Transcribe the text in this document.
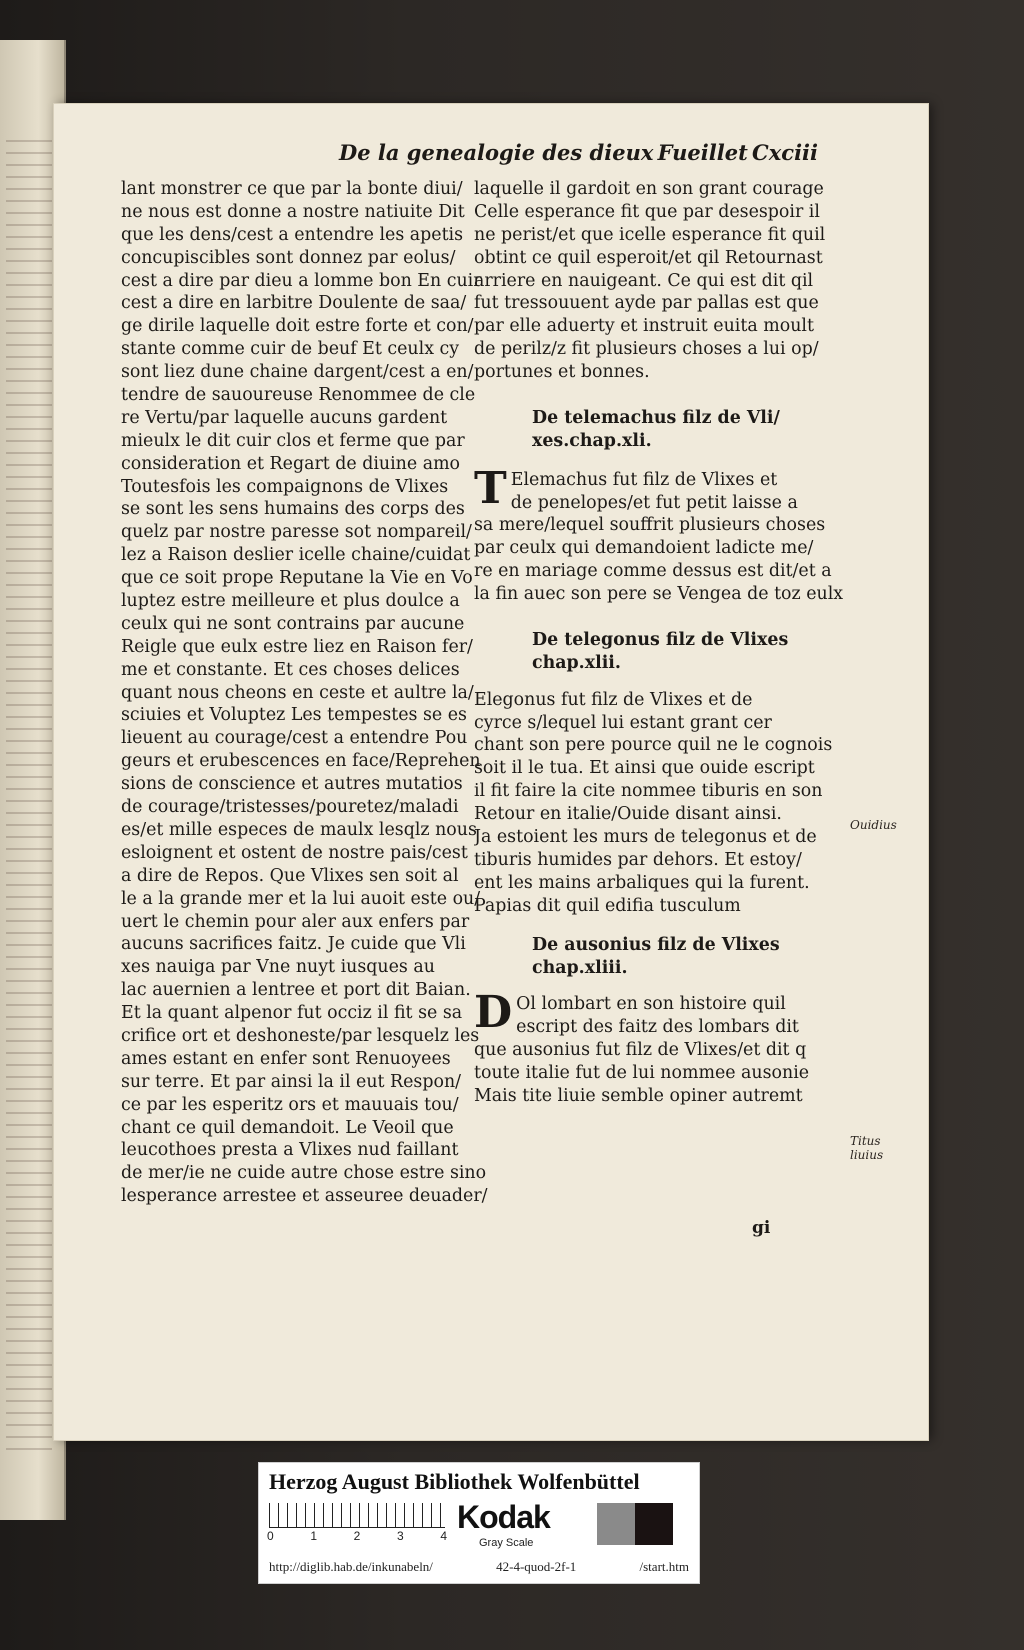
De la genealogie des dieux Fueillet Cxciii
lant monstrer ce que par la bonte diui/
ne nous est donne a nostre natiuite Dit
que les dens/cest a entendre les apetis
concupiscibles sont donnez par eolus/
cest a dire par dieu a lomme bon En cuir
cest a dire en larbitre Doulente de saa/
ge dirile laquelle doit estre forte et con/
stante comme cuir de beuf Et ceulx cy
sont liez dune chaine dargent/cest a en/
tendre de sauoureuse Renommee de cle
re Vertu/par laquelle aucuns gardent
mieulx le dit cuir clos et ferme que par
consideration et Regart de diuine amo
Toutesfois les compaignons de Vlixes
se sont les sens humains des corps des
quelz par nostre paresse sot nompareil/
lez a Raison deslier icelle chaine/cuidat
que ce soit prope Reputane la Vie en Vo
luptez estre meilleure et plus doulce a
ceulx qui ne sont contrains par aucune
Reigle que eulx estre liez en Raison fer/
me et constante. Et ces choses delices
quant nous cheons en ceste et aultre la/
sciuies et Voluptez Les tempestes se es
lieuent au courage/cest a entendre Pou
geurs et erubescences en face/Reprehen
sions de conscience et autres mutatios
de courage/tristesses/pouretez/maladi
es/et mille especes de maulx lesqlz nous
esloignent et ostent de nostre pais/cest
a dire de Repos. Que Vlixes sen soit al
le a la grande mer et la lui auoit este ou/
uert le chemin pour aler aux enfers par
aucuns sacrifices faitz. Je cuide que Vli
xes nauiga par Vne nuyt iusques au
lac auernien a lentree et port dit Baian.
Et la quant alpenor fut occiz il fit se sa
crifice ort et deshoneste/par lesquelz les
ames estant en enfer sont Renuoyees
sur terre. Et par ainsi la il eut Respon/
ce par les esperitz ors et mauuais tou/
chant ce quil demandoit. Le Veoil que
leucothoes presta a Vlixes nud faillant
de mer/ie ne cuide autre chose estre sino
lesperance arrestee et asseuree deuader/
laquelle il gardoit en son grant courage
Celle esperance fit que par desespoir il
ne perist/et que icelle esperance fit quil
obtint ce quil esperoit/et qil Retournast
arriere en nauigeant. Ce qui est dit qil
fut tressouuent ayde par pallas est que
par elle aduerty et instruit euita moult
de perilz/z fit plusieurs choses a lui op/
portunes et bonnes.
De telemachus filz de Vli/
xes.chap.xli.
T Elemachus fut filz de Vlixes et
de penelopes/et fut petit laisse a
sa mere/lequel souffrit plusieurs choses
par ceulx qui demandoient ladicte me/
re en mariage comme dessus est dit/et a
la fin auec son pere se Vengea de toz eulx
De telegonus filz de Vlixes
chap.xlii.
Elegonus fut filz de Vlixes et de
cyrce s/lequel lui estant grant cer
chant son pere pource quil ne le cognois
soit il le tua. Et ainsi que ouide escript
il fit faire la cite nommee tiburis en son
Retour en italie/Ouide disant ainsi.
Ja estoient les murs de telegonus et de
tiburis humides par dehors. Et estoy/
ent les mains arbaliques qui la furent.
Papias dit quil edifia tusculum
De ausonius filz de Vlixes
chap.xliii.
D Ol lombart en son histoire quil
escript des faitz des lombars dit
que ausonius fut filz de Vlixes/et dit q
toute italie fut de lui nommee ausonie
Mais tite liuie semble opiner autremt
Ouidius
Titus liuius
gi
Herzog August Bibliothek Wolfenbüttel
0	1	2	3	4
Kodak
Gray Scale
http://diglib.hab.de/inkunabeln/	42-4-quod-2f-1	/start.htm
